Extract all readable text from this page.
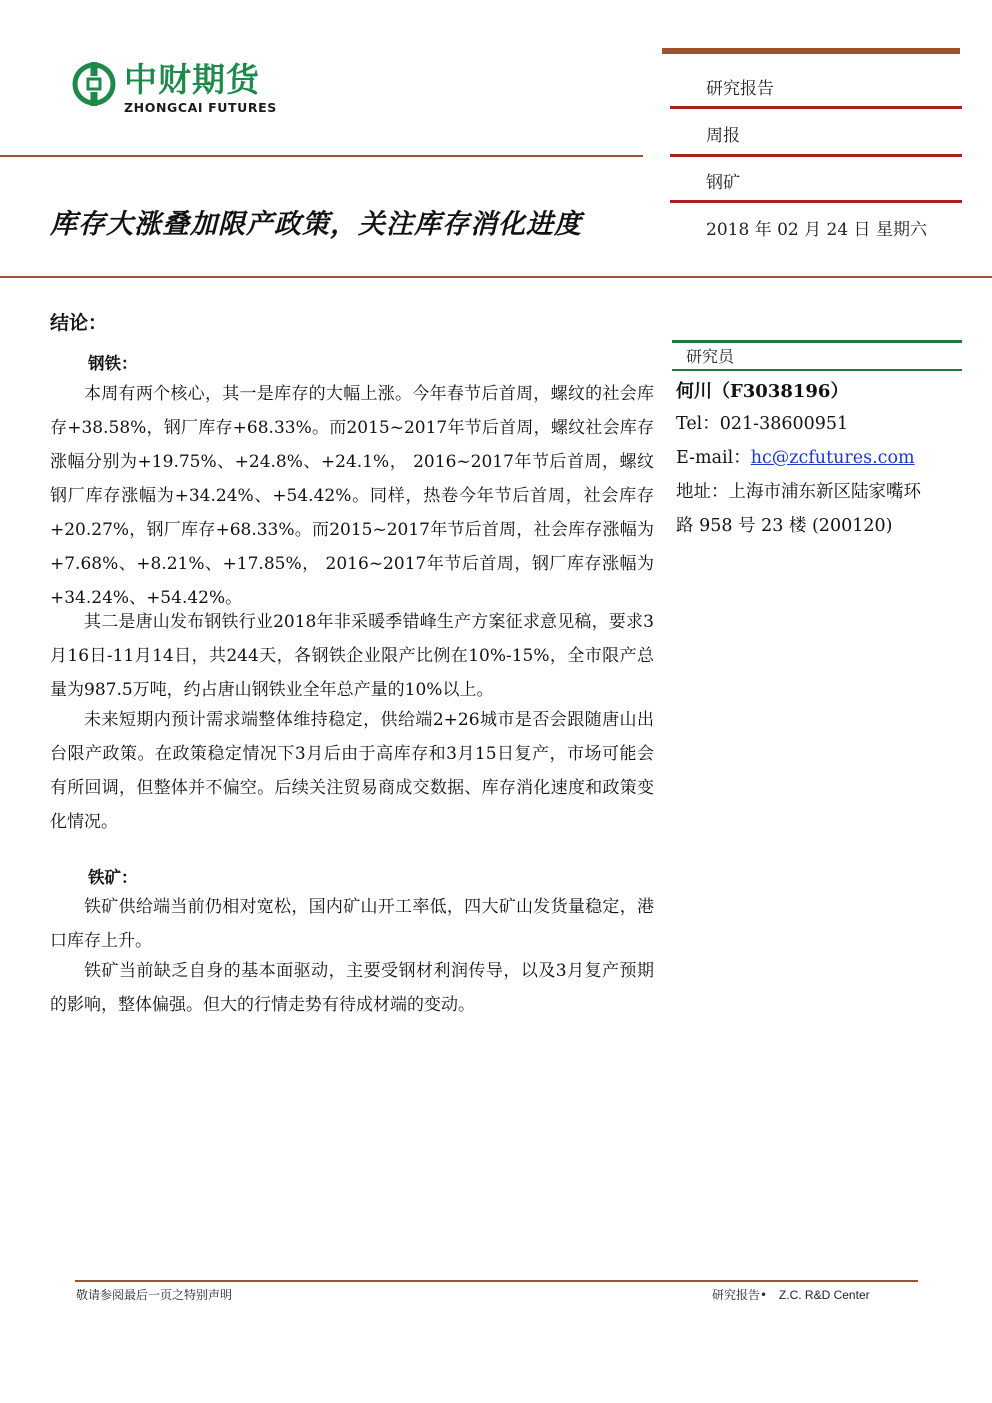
中财期货
ZHONGCAI FUTURES
研究报告
周报
钢矿
2018 年 02 月 24 日 星期六
库存大涨叠加限产政策，关注库存消化进度
研究员
何川（F3038196）
Tel：021-38600951
E-mail：hc@zcfutures.com
地址：上海市浦东新区陆家嘴环
路 958 号 23 楼 (200120)
结论：
钢铁：
本周有两个核心，其一是库存的大幅上涨。今年春节后首周，螺纹的社会库存+38.58%，钢厂库存+68.33%。而2015~2017年节后首周，螺纹社会库存涨幅分别为+19.75%、+24.8%、+24.1%， 2016~2017年节后首周，螺纹钢厂库存涨幅为+34.24%、+54.42%。同样，热卷今年节后首周，社会库存+20.27%，钢厂库存+68.33%。而2015~2017年节后首周，社会库存涨幅为+7.68%、+8.21%、+17.85%， 2016~2017年节后首周，钢厂库存涨幅为+34.24%、+54.42%。
其二是唐山发布钢铁行业2018年非采暖季错峰生产方案征求意见稿，要求3月16日-11月14日，共244天，各钢铁企业限产比例在10%-15%，全市限产总量为987.5万吨，约占唐山钢铁业全年总产量的10%以上。
未来短期内预计需求端整体维持稳定，供给端2+26城市是否会跟随唐山出台限产政策。在政策稳定情况下3月后由于高库存和3月15日复产，市场可能会有所回调，但整体并不偏空。后续关注贸易商成交数据、库存消化速度和政策变化情况。
铁矿：
铁矿供给端当前仍相对宽松，国内矿山开工率低，四大矿山发货量稳定，港口库存上升。
铁矿当前缺乏自身的基本面驱动，主要受钢材利润传导，以及3月复产预期的影响，整体偏强。但大的行情走势有待成材端的变动。
敬请参阅最后一页之特别声明	研究报告• Z.C. R&D Center
